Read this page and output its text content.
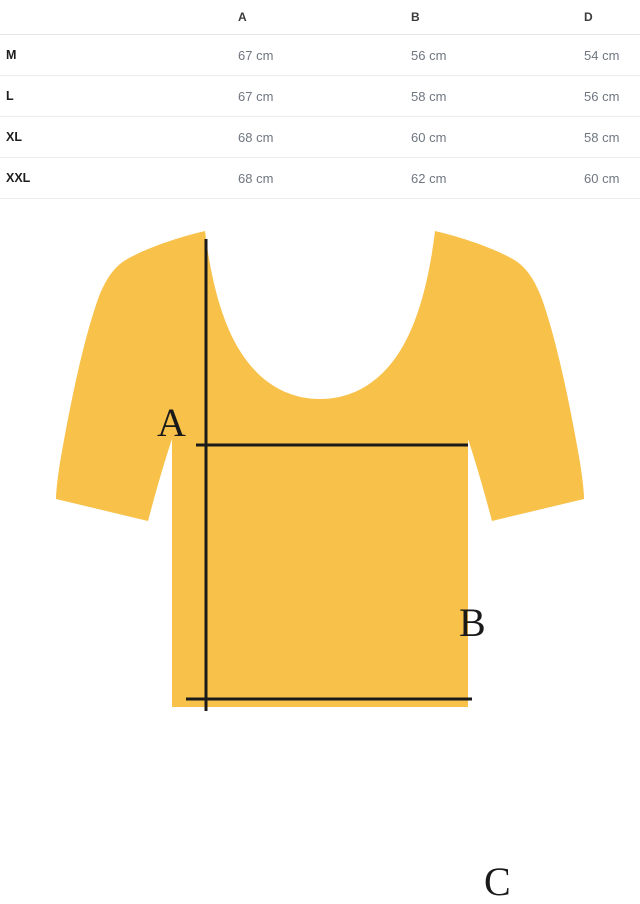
	A	B	D
M	67 cm	56 cm	54 cm
L	67 cm	58 cm	56 cm
XL	68 cm	60 cm	58 cm
XXL	68 cm	62 cm	60 cm
A
B
C
